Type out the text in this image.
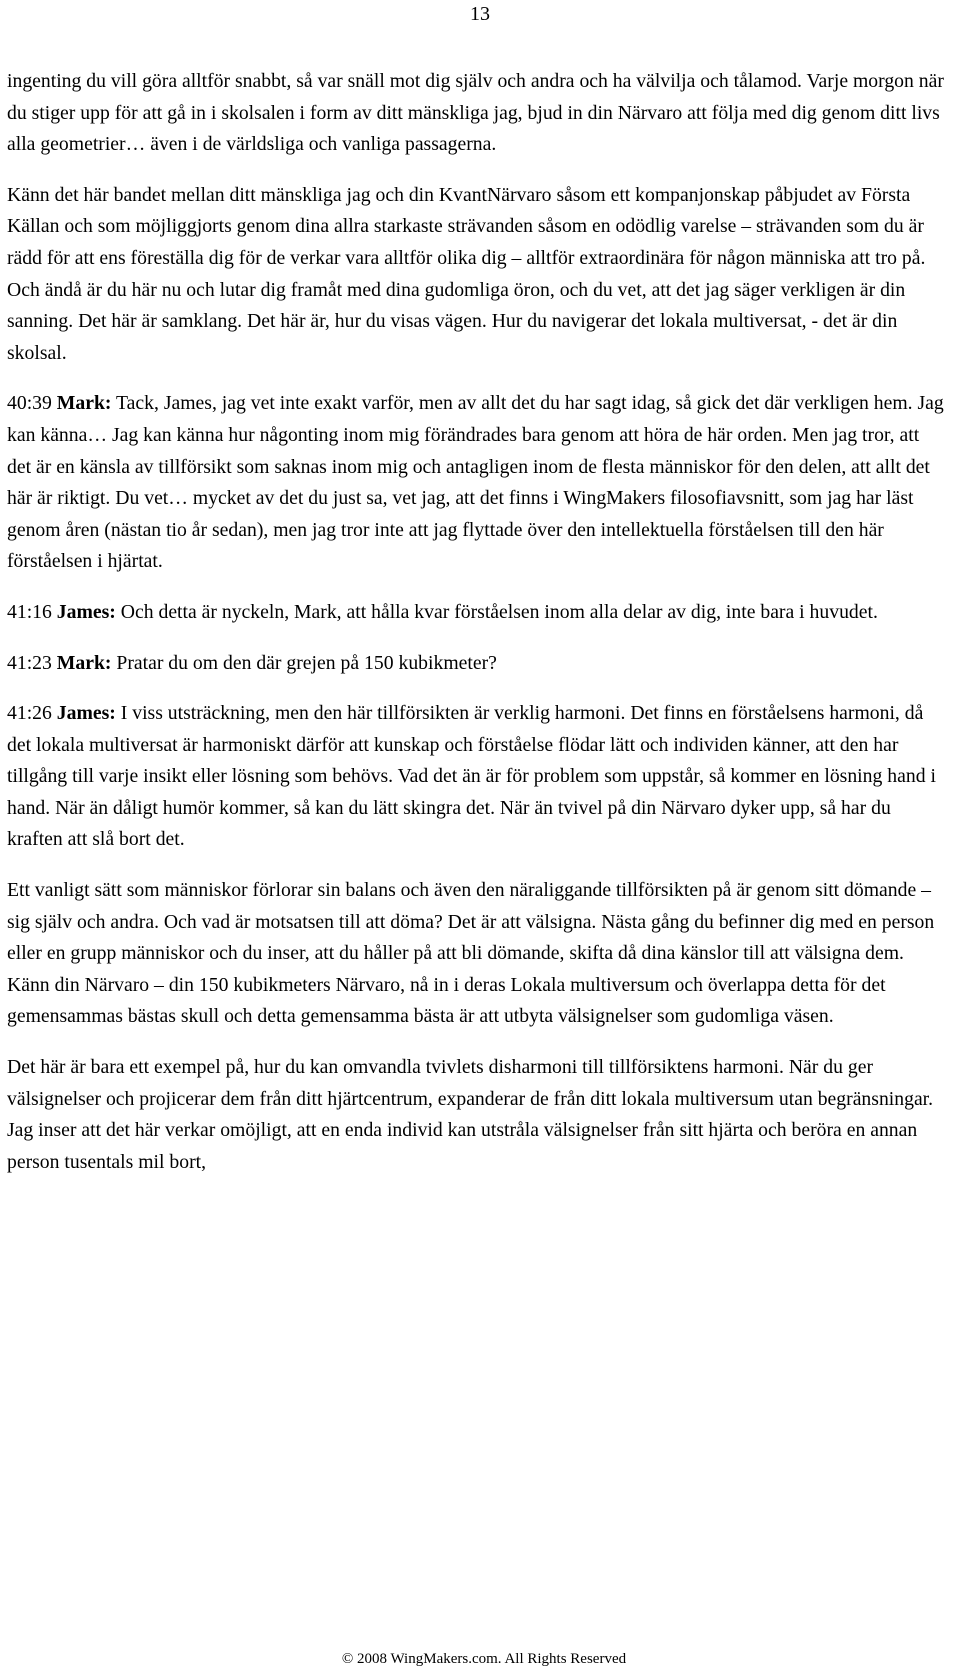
13

ingenting du vill göra alltför snabbt, så var snäll mot dig själv och andra och ha välvilja och tålamod. Varje morgon när du stiger upp för att gå in i skolsalen i form av ditt mänskliga jag, bjud in din Närvaro att följa med dig genom ditt livs alla geometrier… även i de världsliga och vanliga passagerna.

Känn det här bandet mellan ditt mänskliga jag och din KvantNärvaro såsom ett kompanjonskap påbjudet av Första Källan och som möjliggjorts genom dina allra starkaste strävanden såsom en odödlig varelse – strävanden som du är rädd för att ens föreställa dig för de verkar vara alltför olika dig – alltför extraordinära för någon människa att tro på. Och ändå är du här nu och lutar dig framåt med dina gudomliga öron, och du vet, att det jag säger verkligen är din sanning. Det här är samklang. Det här är, hur du visas vägen. Hur du navigerar det lokala multiversat, - det är din skolsal.

40:39 Mark: Tack, James, jag vet inte exakt varför, men av allt det du har sagt idag, så gick det där verkligen hem. Jag kan känna… Jag kan känna hur någonting inom mig förändrades bara genom att höra de här orden. Men jag tror, att det är en känsla av tillförsikt som saknas inom mig och antagligen inom de flesta människor för den delen, att allt det här är riktigt. Du vet… mycket av det du just sa, vet jag, att det finns i WingMakers filosofiavsnitt, som jag har läst genom åren (nästan tio år sedan), men jag tror inte att jag flyttade över den intellektuella förståelsen till den här förståelsen i hjärtat.

41:16 James: Och detta är nyckeln, Mark, att hålla kvar förståelsen inom alla delar av dig, inte bara i huvudet.

41:23 Mark: Pratar du om den där grejen på 150 kubikmeter?

41:26 James: I viss utsträckning, men den här tillförsikten är verklig harmoni. Det finns en förståelsens harmoni, då det lokala multiversat är harmoniskt därför att kunskap och förståelse flödar lätt och individen känner, att den har tillgång till varje insikt eller lösning som behövs. Vad det än är för problem som uppstår, så kommer en lösning hand i hand. När än dåligt humör kommer, så kan du lätt skingra det. När än tvivel på din Närvaro dyker upp, så har du kraften att slå bort det.

Ett vanligt sätt som människor förlorar sin balans och även den näraliggande tillförsikten på är genom sitt dömande – sig själv och andra. Och vad är motsatsen till att döma? Det är att välsigna. Nästa gång du befinner dig med en person eller en grupp människor och du inser, att du håller på att bli dömande, skifta då dina känslor till att välsigna dem. Känn din Närvaro – din 150 kubikmeters Närvaro, nå in i deras Lokala multiversum och överlappa detta för det gemensammas bästas skull och detta gemensamma bästa är att utbyta välsignelser som gudomliga väsen.

Det här är bara ett exempel på, hur du kan omvandla tvivlets disharmoni till tillförsiktens harmoni. När du ger välsignelser och projicerar dem från ditt hjärtcentrum, expanderar de från ditt lokala multiversum utan begränsningar. Jag inser att det här verkar omöjligt, att en enda individ kan utstråla välsignelser från sitt hjärta och beröra en annan person tusentals mil bort,

© 2008 WingMakers.com. All Rights Reserved
